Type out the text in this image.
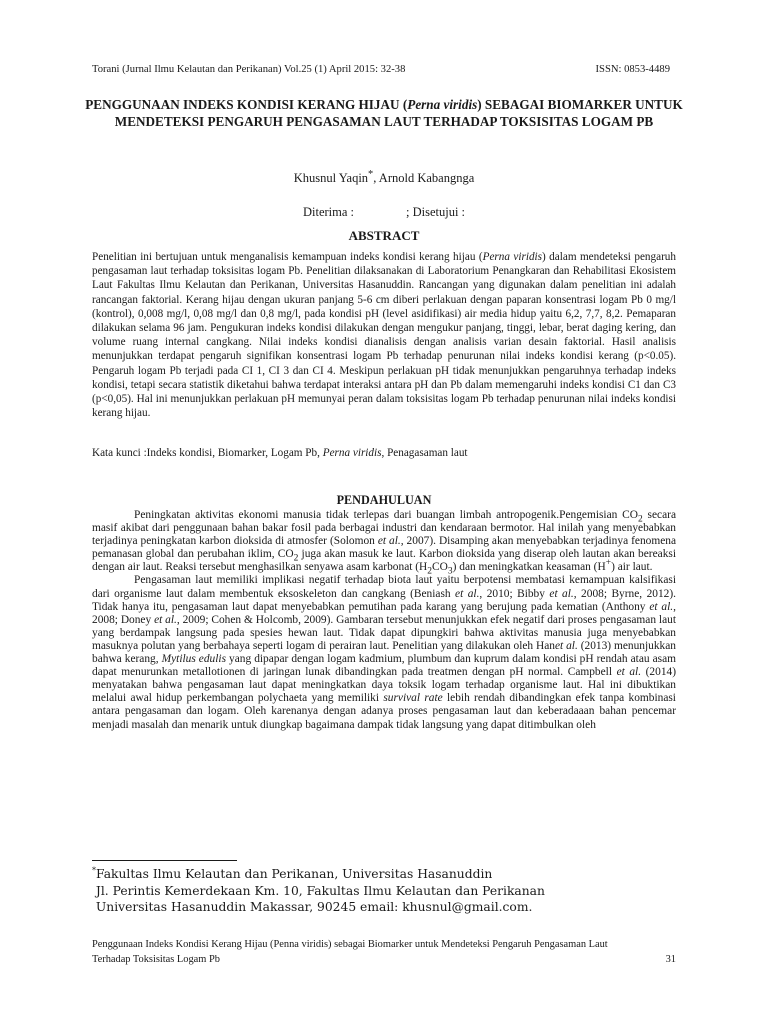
Torani (Jurnal Ilmu Kelautan dan Perikanan) Vol.25 (1) April 2015: 32-38	ISSN: 0853-4489
PENGGUNAAN INDEKS KONDISI KERANG HIJAU (Perna viridis) SEBAGAI BIOMARKER UNTUK MENDETEKSI PENGARUH PENGASAMAN LAUT TERHADAP TOKSISITAS LOGAM PB
Khusnul Yaqin*, Arnold Kabangnga
Diterima :	; Disetujui :
ABSTRACT
Penelitian ini bertujuan untuk menganalisis kemampuan indeks kondisi kerang hijau (Perna viridis) dalam mendeteksi pengaruh pengasaman laut terhadap toksisitas logam Pb. Penelitian dilaksanakan di Laboratorium Penangkaran dan Rehabilitasi Ekosistem Laut Fakultas Ilmu Kelautan dan Perikanan, Universitas Hasanuddin. Rancangan yang digunakan dalam penelitian ini adalah rancangan faktorial. Kerang hijau dengan ukuran panjang 5-6 cm diberi perlakuan dengan paparan konsentrasi logam Pb 0 mg/l (kontrol), 0,008 mg/l, 0,08 mg/l dan 0,8 mg/l, pada kondisi pH (level asidifikasi) air media hidup yaitu 6,2, 7,7, 8,2. Pemaparan dilakukan selama 96 jam. Pengukuran indeks kondisi dilakukan dengan mengukur panjang, tinggi, lebar, berat daging kering, dan volume ruang internal cangkang. Nilai indeks kondisi dianalisis dengan analisis varian desain faktorial. Hasil analisis menunjukkan terdapat pengaruh signifikan konsentrasi logam Pb terhadap penurunan nilai indeks kondisi kerang (p<0.05). Pengaruh logam Pb terjadi pada CI 1, CI 3 dan CI 4. Meskipun perlakuan pH tidak menunjukkan pengaruhnya terhadap indeks kondisi, tetapi secara statistik diketahui bahwa terdapat interaksi antara pH dan Pb dalam memengaruhi indeks kondisi C1 dan C3 (p<0,05). Hal ini menunjukkan perlakuan pH memunyai peran dalam toksisitas logam Pb terhadap penurunan nilai indeks kondisi kerang hijau.
Kata kunci :Indeks kondisi, Biomarker, Logam Pb, Perna viridis, Penagasaman laut
PENDAHULUAN

Peningkatan aktivitas ekonomi manusia tidak terlepas dari buangan limbah antropogenik.Pengemisian $CO_2$ secara masif akibat dari penggunaan bahan bakar fosil pada berbagai industri dan kendaraan bermotor. Hal inilah yang menyebabkan terjadinya peningkatan karbon dioksida di atmosfer (Solomon et al., 2007). Disamping akan menyebabkan terjadinya fenomena pemanasan global dan perubahan iklim, $CO_2$ juga akan masuk ke laut. Karbon dioksida yang diserap oleh lautan akan bereaksi dengan air laut. Reaksi tersebut menghasilkan senyawa asam karbonat $(H_2CO_3)$ dan meningkatkan keasaman (H+) air laut.

Pengasaman laut memiliki implikasi negatif terhadap biota laut yaitu berpotensi membatasi kemampuan kalsifikasi dari organisme laut dalam membentuk eksoskeleton dan cangkang (Beniash et al., 2010; Bibby et al., 2008; Byrne, 2012). Tidak hanya itu, pengasaman laut dapat menyebabkan pemutihan pada karang yang berujung pada kematian (Anthony et al., 2008; Doney et al., 2009; Cohen & Holcomb, 2009). Gambaran tersebut menunjukkan efek negatif dari proses pengasaman laut yang berdampak langsung pada spesies hewan laut. Tidak dapat dipungkiri bahwa aktivitas manusia juga menyebabkan masuknya polutan yang berbahaya seperti logam di perairan laut. Penelitian yang dilakukan oleh Hanet al. (2013) menunjukkan bahwa kerang, Mytilus edulis yang dipapar dengan logam kadmium, plumbum dan kuprum dalam kondisi pH rendah atau asam dapat menurunkan metallotionen di jaringan lunak dibandingkan pada treatmen dengan pH normal. Campbell et al. (2014) menyatakan bahwa pengasaman laut dapat meningkatkan daya toksik logam terhadap organisme laut. Hal ini dibuktikan melalui awal hidup perkembangan polychaeta yang memiliki survival rate lebih rendah dibandingkan efek tanpa kombinasi antara pengasaman dan logam. Oleh karenanya dengan adanya proses pengasaman laut dan keberadaaan bahan pencemar menjadi masalah dan menarik untuk diungkap bagaimana dampak tidak langsung yang dapat ditimbulkan oleh

*Fakultas Ilmu Kelautan dan Perikanan, Universitas Hasanuddin
Jl. Perintis Kemerdekaan Km. 10, Fakultas Ilmu Kelautan dan Perikanan
Universitas Hasanuddin Makassar, 90245 email: khusnul@gmail.com.
Penggunaan Indeks Kondisi Kerang Hijau (Penna viridis) sebagai Biomarker untuk Mendeteksi Pengaruh Pengasaman Laut
Terhadap Toksisitas Logam Pb	31
